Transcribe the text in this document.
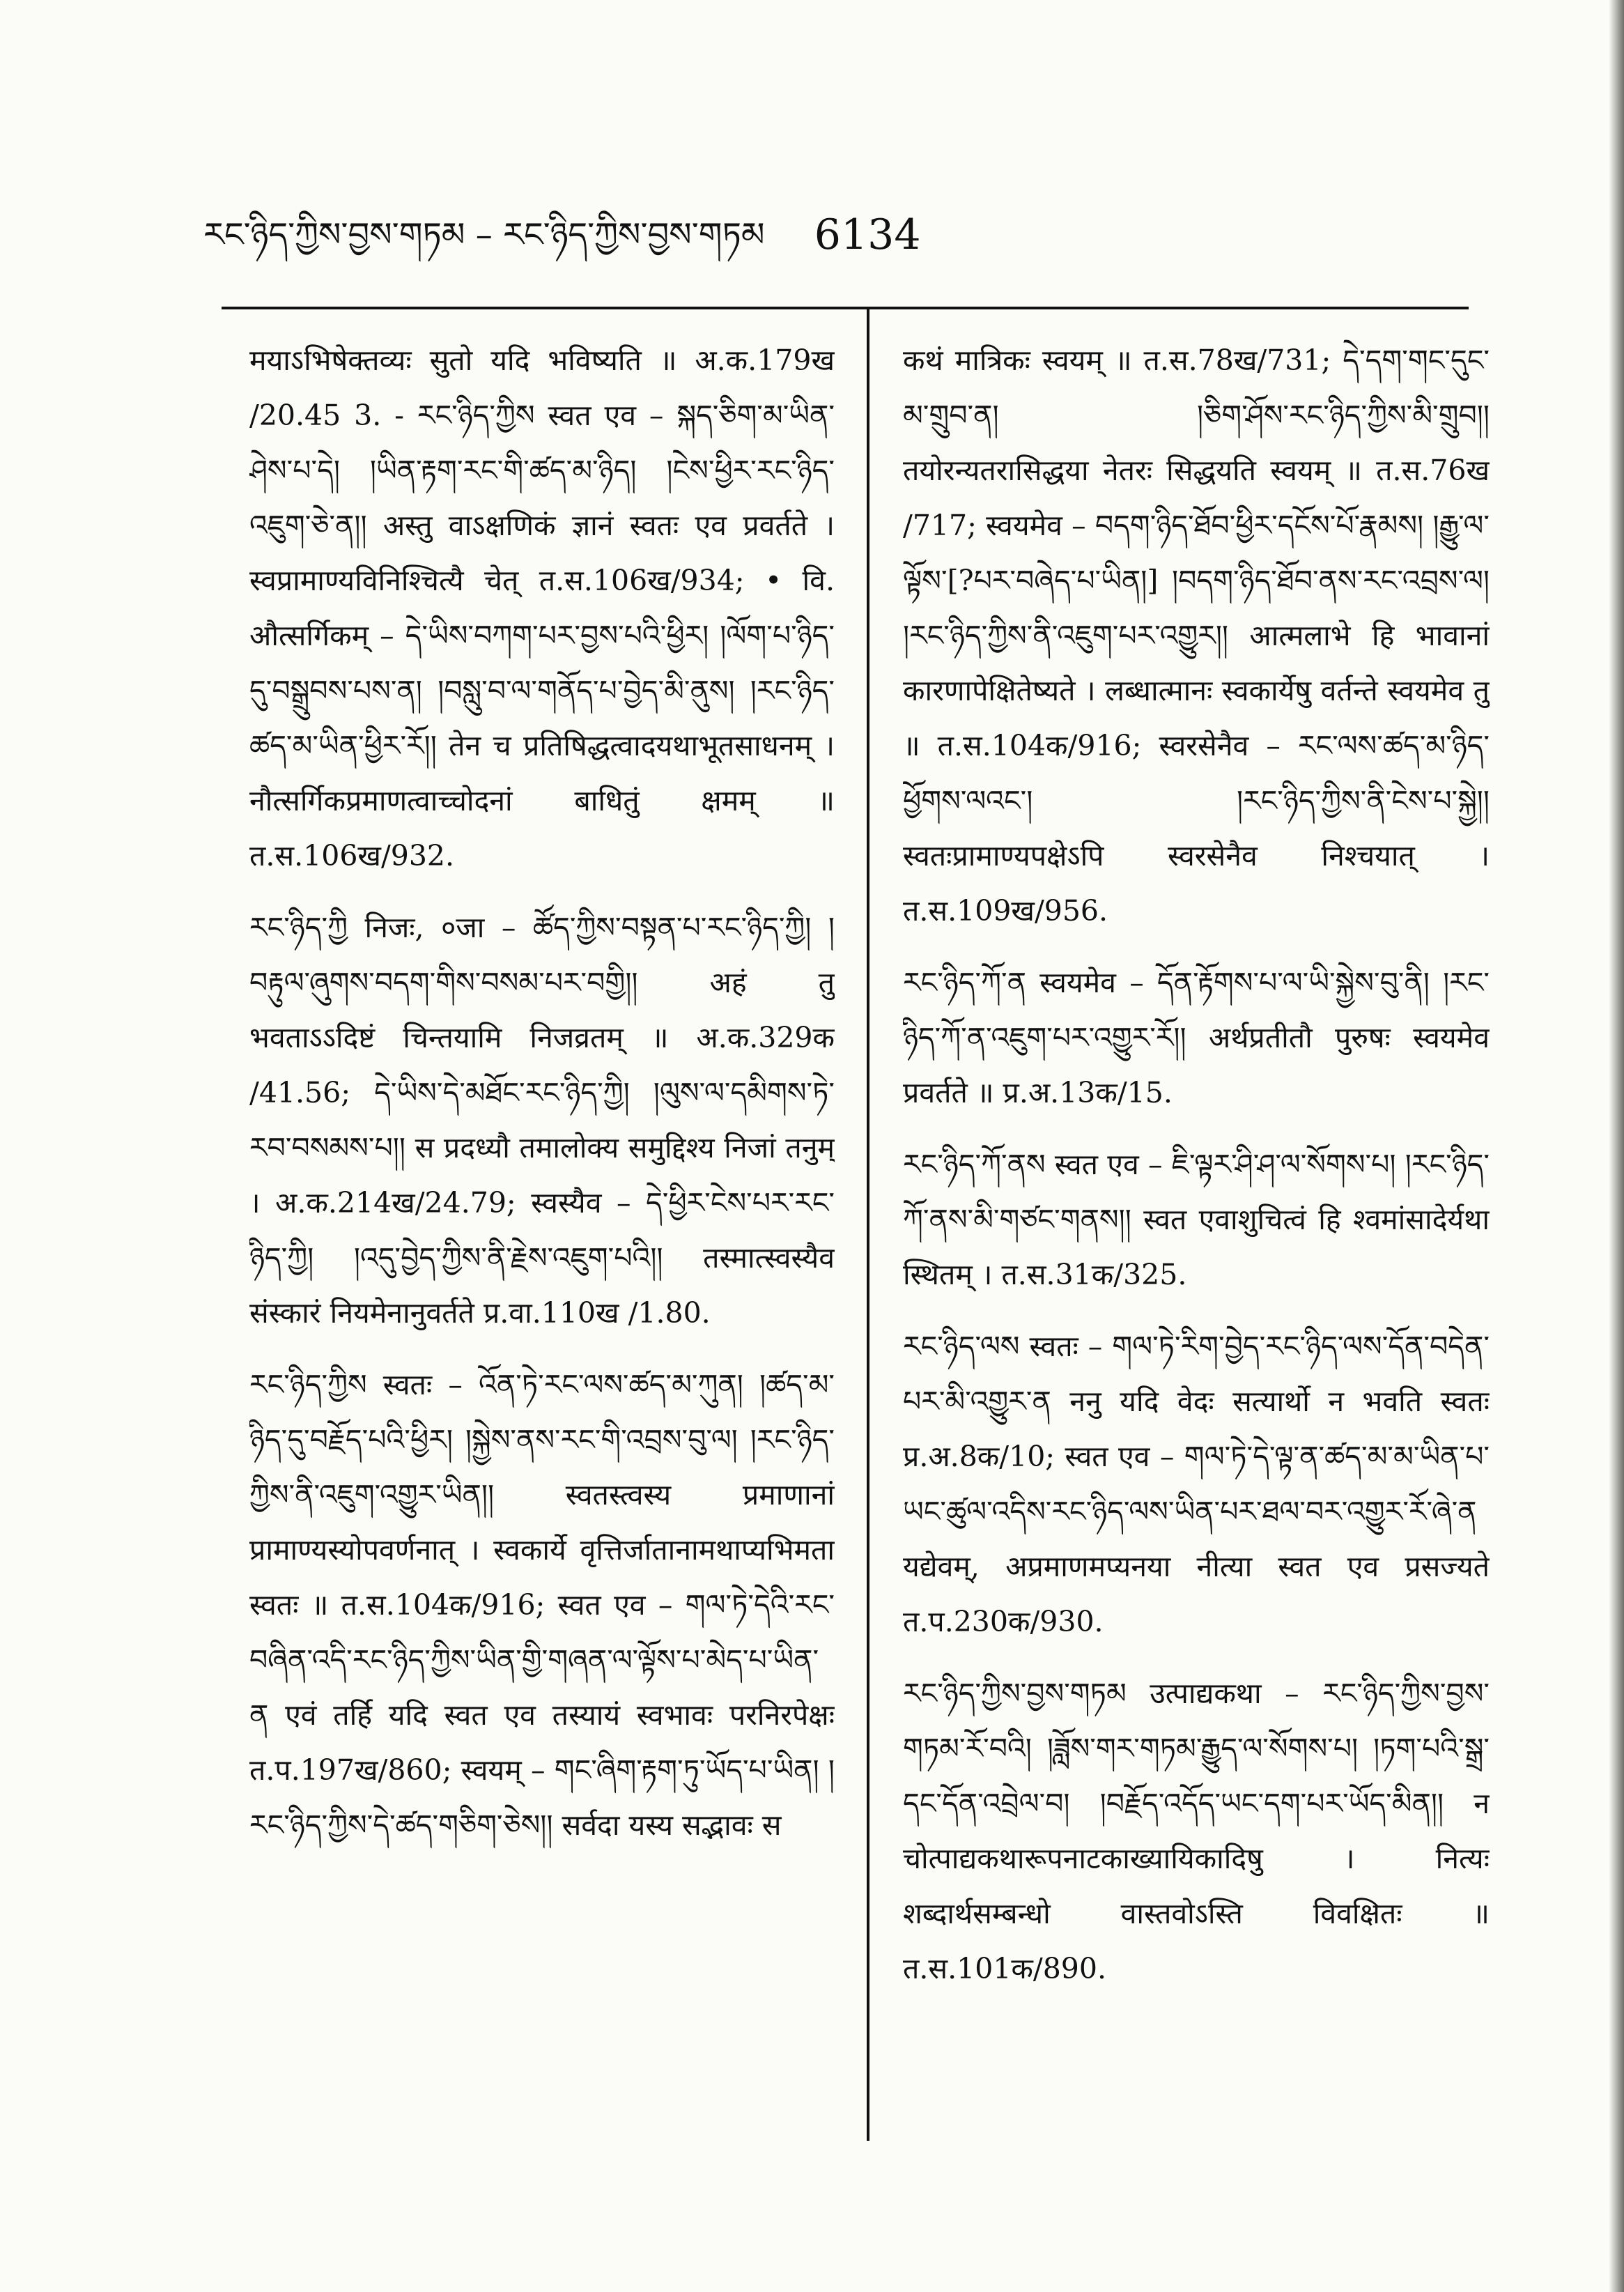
རང་ཉིད་ཀྱིས་བྱས་གཏམ – རང་ཉིད་ཀྱིས་བྱས་གཏམ 6134

मयाऽभिषेक्तव्यः सुतो यदि भविष्यति ॥ अ.क.179ख /20.45 3. - རང་ཉིད་ཀྱིས स्वत एव – སྐད་ཅིག་མ་ཡིན་ཤེས་པ་དེ། །ཡིན་རྟག་རང་གི་ཚད་མ་ཉིད། །ངེས་ཕྱིར་རང་ཉིད་འཇུག་ཅེ་ན།། अस्तु वाऽक्षणिकं ज्ञानं स्वतः एव प्रवर्तते । स्वप्रामाण्यविनिश्चित्यै चेत् त.स.106ख/934; • वि. औत्सर्गिकम् – དེ་ཡིས་བཀག་པར་བྱས་པའི་ཕྱིར། །ལོག་པ་ཉིད་དུ་བསྒྲུབས་པས་ན། །བསླུ་བ་ལ་གནོད་པ་བྱེད་མི་ནུས། །རང་ཉིད་ཚད་མ་ཡིན་ཕྱིར་རོ།། तेन च प्रतिषिद्धत्वादयथाभूतसाधनम् । नौत्सर्गिकप्रमाणत्वाच्चोदनां बाधितुं क्षमम् ॥ त.स.106ख/932.

རང་ཉིད་ཀྱི निजः, ०जा – ཚོད་ཀྱིས་བསྟན་པ་རང་ཉིད་ཀྱི། །བརྟུལ་ཞུགས་བདག་གིས་བསམ་པར་བགྱི།། अहं तु भवताऽऽदिष्टं चिन्तयामि निजव्रतम् ॥ अ.क.329क /41.56; དེ་ཡིས་དེ་མཐོང་རང་ཉིད་ཀྱི། །ལུས་ལ་དམིགས་ཏེ་རབ་བསམས་པ།། स प्रदध्यौ तमालोक्य समुद्दिश्य निजां तनुम् । अ.क.214ख/24.79; स्वस्यैव – དེ་ཕྱིར་ངེས་པར་རང་ཉིད་ཀྱི། །འདུ་བྱེད་ཀྱིས་ནི་རྗེས་འཇུག་པའི།། तस्मात्स्वस्यैव संस्कारं नियमेनानुवर्तते प्र.वा.110ख /1.80.

རང་ཉིད་ཀྱིས स्वतः – འོན་ཏེ་རང་ལས་ཚད་མ་ཀུན། །ཚད་མ་ཉིད་དུ་བརྗོད་པའི་ཕྱིར། །སྐྱེས་ནས་རང་གི་འབྲས་བུ་ལ། །རང་ཉིད་ཀྱིས་ནི་འཇུག་འགྱུར་ཡིན།། स्वतस्त्वस्य प्रमाणानां प्रामाण्यस्योपवर्णनात् । स्वकार्ये वृत्तिर्जातानामथाप्यभिमता स्वतः ॥ त.स.104क/916; स्वत एव – གལ་ཏེ་དེའི་རང་བཞིན་འདི་རང་ཉིད་ཀྱིས་ཡིན་གྱི་གཞན་ལ་ལྟོས་པ་མེད་པ་ཡིན་ན एवं तर्हि यदि स्वत एव तस्यायं स्वभावः परनिरपेक्षः त.प.197ख/860; स्वयम् – གང་ཞིག་རྟག་ཏུ་ཡོད་པ་ཡིན། །རང་ཉིད་ཀྱིས་དེ་ཚད་གཅིག་ཅེས།། सर्वदा यस्य सद्भावः स

कथं मात्रिकः स्वयम् ॥ त.स.78ख/731; དེ་དག་གང་དུང་མ་གྲུབ་ན། །ཅིག་ཤོས་རང་ཉིད་ཀྱིས་མི་གྲུབ།། तयोरन्यतरासिद्धया नेतरः सिद्धयति स्वयम् ॥ त.स.76ख /717; स्वयमेव – བདག་ཉིད་ཐོབ་ཕྱིར་དངོས་པོ་རྣམས། །རྒྱུ་ལ་ལྟོས་[?པར་བཞེད་པ་ཡིན།] །བདག་ཉིད་ཐོབ་ནས་རང་འབྲས་ལ། །རང་ཉིད་ཀྱིས་ནི་འཇུག་པར་འགྱུར།། आत्मलाभे हि भावानां कारणापेक्षितेष्यते । लब्धात्मानः स्वकार्येषु वर्तन्ते स्वयमेव तु ॥ त.स.104क/916; स्वरसेनैव – རང་ལས་ཚད་མ་ཉིད་ཕྱོགས་ལའང་། །རང་ཉིད་ཀྱིས་ནི་ངེས་པ་སྐྱེ།། स्वतःप्रामाण्यपक्षेऽपि स्वरसेनैव निश्चयात् । त.स.109ख/956.

རང་ཉིད་ཀོ་ན स्वयमेव – དོན་རྟོགས་པ་ལ་ཡི་སྐྱེས་བུ་ནི། །རང་ཉིད་ཀོ་ན་འཇུག་པར་འགྱུར་རོ།། अर्थप्रतीतौ पुरुषः स्वयमेव प्रवर्तते ॥ प्र.अ.13क/15.

རང་ཉིད་ཀོ་ནས स्वत एव – ཇི་ལྟར་ཤི་ཤ་ལ་སོགས་པ། །རང་ཉིད་ཀོ་ནས་མི་གཙང་གནས།། स्वत एवाशुचित्वं हि श्वमांसादेर्यथा स्थितम् । त.स.31क/325.

རང་ཉིད་ལས स्वतः – གལ་ཏེ་རིག་བྱེད་རང་ཉིད་ལས་དོན་བདེན་པར་མི་འགྱུར་ན ननु यदि वेदः सत्यार्थो न भवति स्वतः प्र.अ.8क/10; स्वत एव – གལ་ཏེ་དེ་ལྟ་ན་ཚད་མ་མ་ཡིན་པ་ཡང་ཚུལ་འདིས་རང་ཉིད་ལས་ཡིན་པར་ཐལ་བར་འགྱུར་རོ་ཞེ་ན यद्येवम्, अप्रमाणमप्यनया नीत्या स्वत एव प्रसज्यते त.प.230क/930.

རང་ཉིད་ཀྱིས་བྱས་གཏམ उत्पाद्यकथा – རང་ཉིད་ཀྱིས་བྱས་གཏམ་རོ་བའི། །ཟློས་གར་གཏམ་རྒྱུད་ལ་སོགས་པ། །ཏག་པའི་སྒྲ་དང་དོན་འབྲེལ་བ། །བརྗོད་འདོད་ཡང་དག་པར་ཡོད་མིན།། न चोत्पाद्यकथारूपनाटकाख्यायिकादिषु । नित्यः शब्दार्थसम्बन्धो वास्तवोऽस्ति विवक्षितः ॥ त.स.101क/890.
